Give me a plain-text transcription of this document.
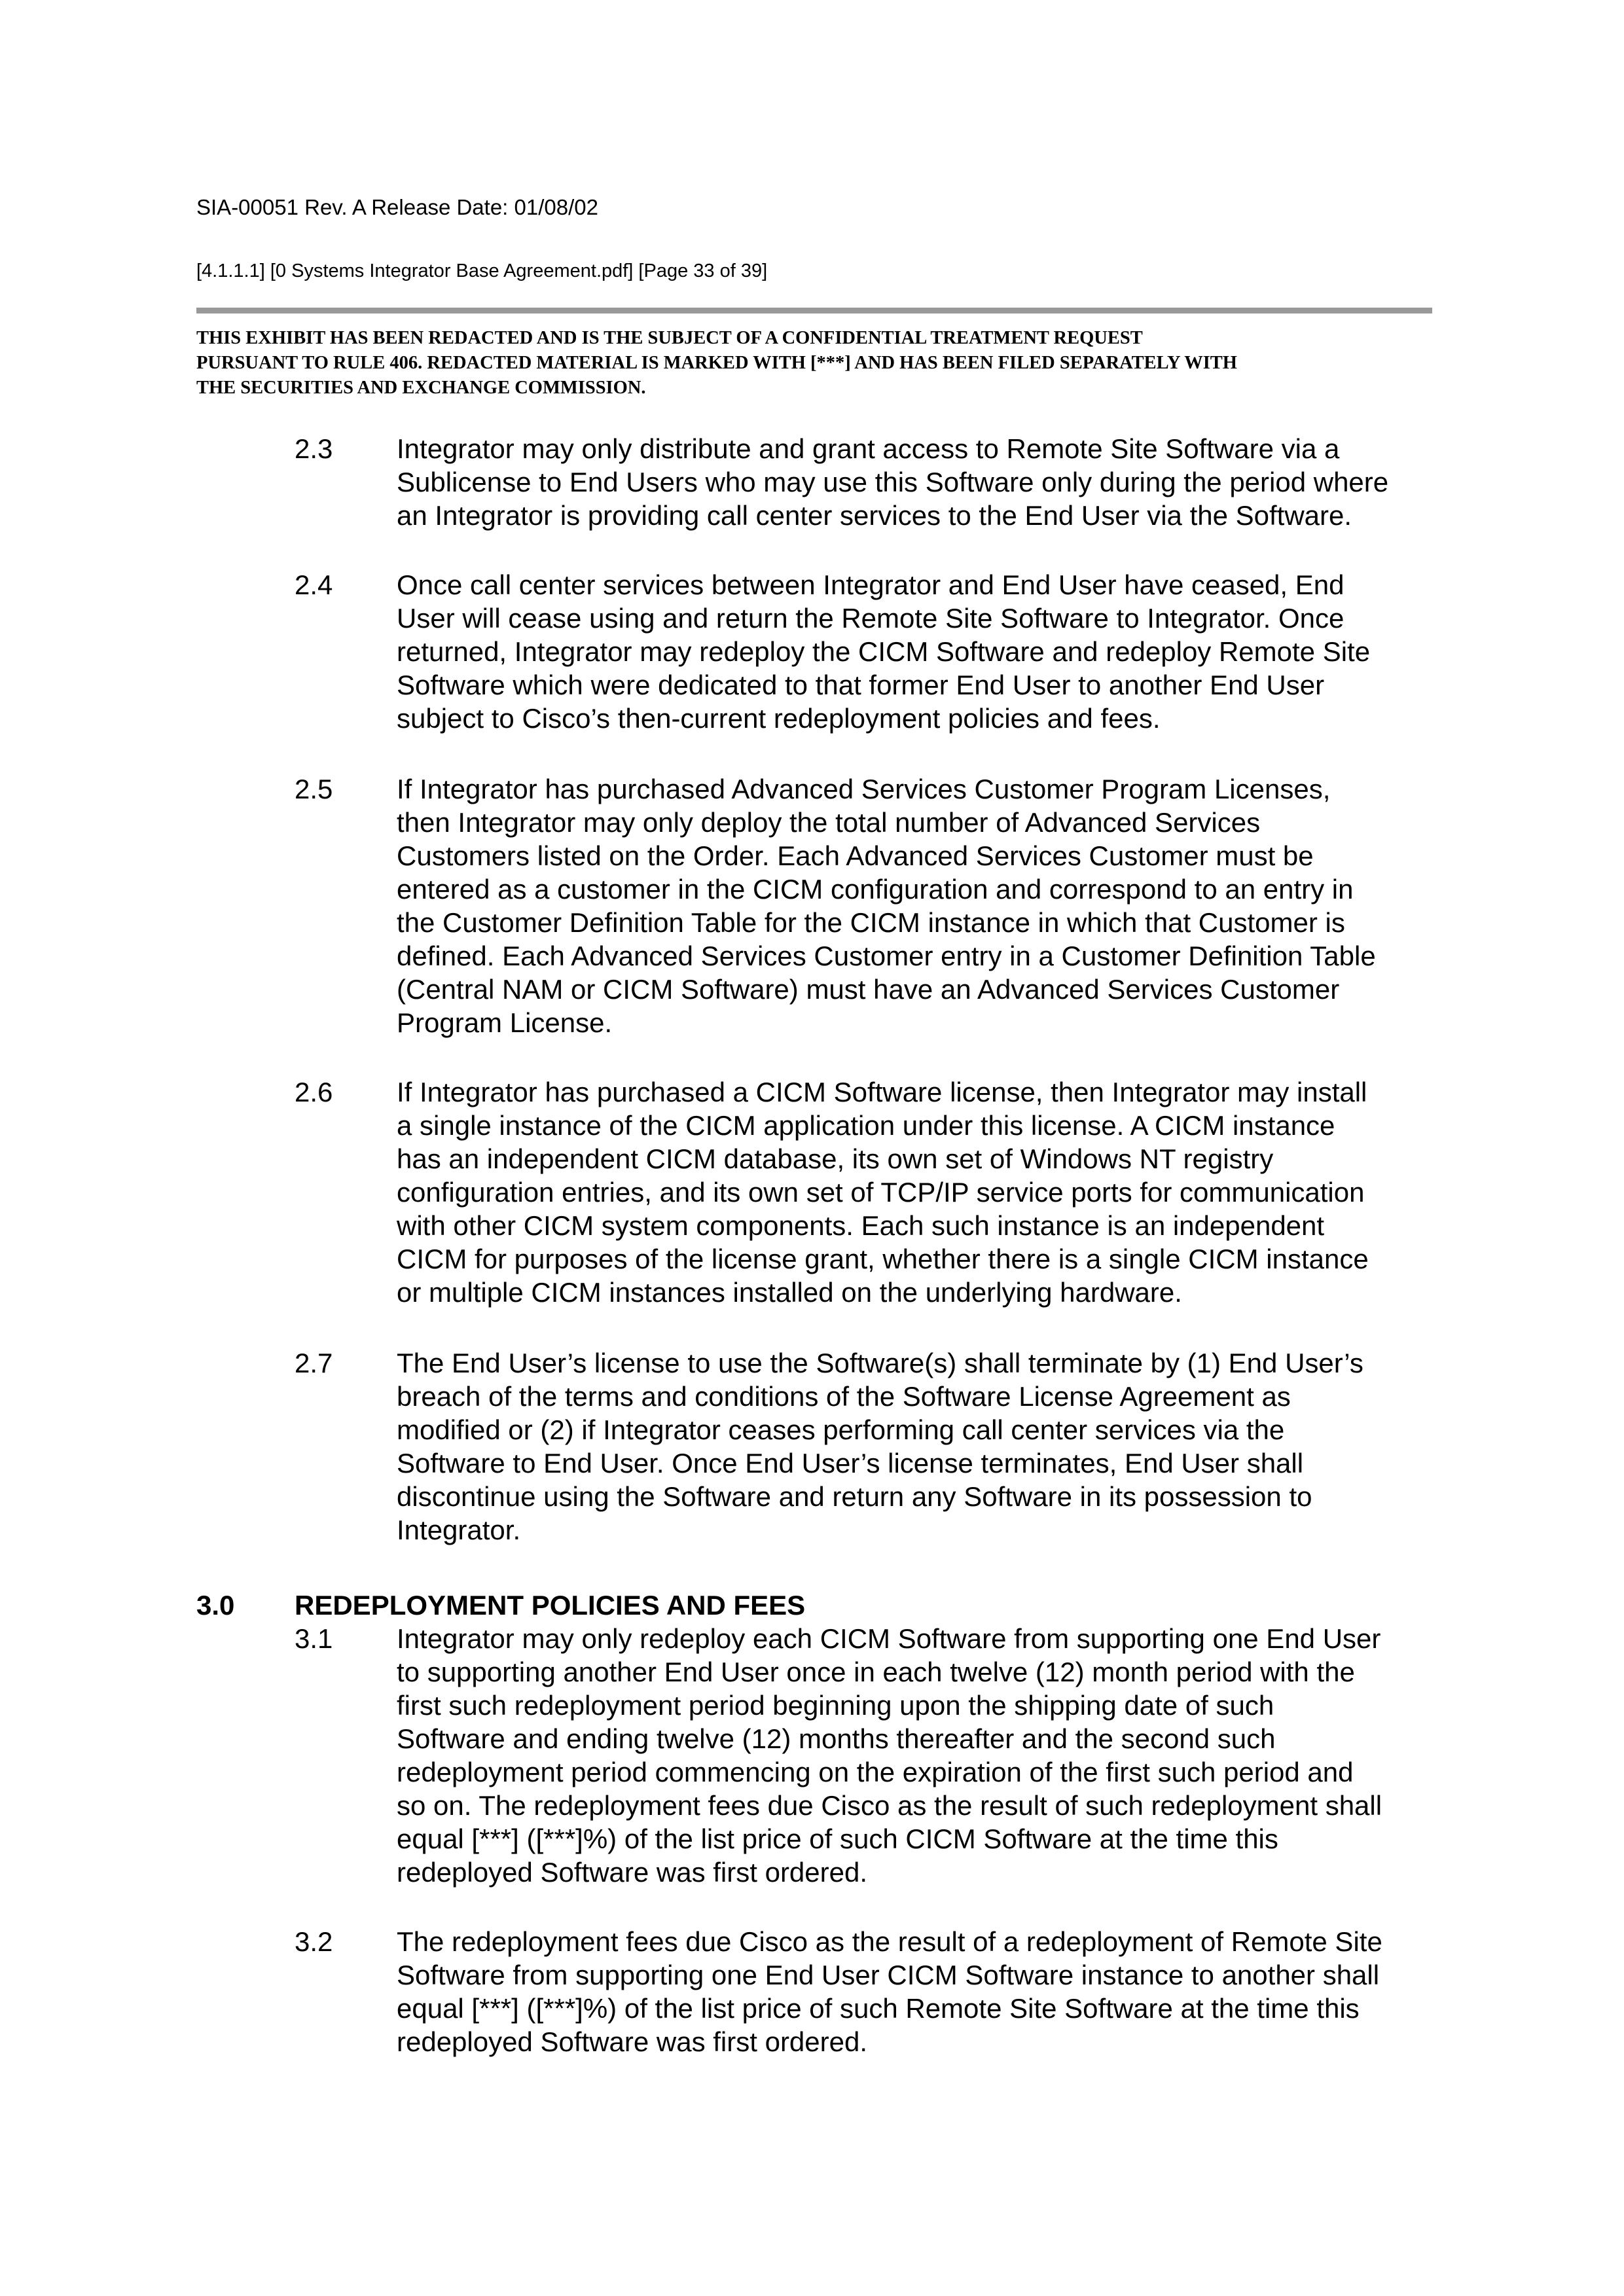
SIA-00051 Rev. A Release Date: 01/08/02
[4.1.1.1] [0 Systems Integrator Base Agreement.pdf] [Page 33 of 39]
THIS EXHIBIT HAS BEEN REDACTED AND IS THE SUBJECT OF A CONFIDENTIAL TREATMENT REQUEST
PURSUANT TO RULE 406. REDACTED MATERIAL IS MARKED WITH [***] AND HAS BEEN FILED SEPARATELY WITH
THE SECURITIES AND EXCHANGE COMMISSION.
2.3 Integrator may only distribute and grant access to Remote Site Software via a
Sublicense to End Users who may use this Software only during the period where
an Integrator is providing call center services to the End User via the Software.
2.4 Once call center services between Integrator and End User have ceased, End
User will cease using and return the Remote Site Software to Integrator. Once
returned, Integrator may redeploy the CICM Software and redeploy Remote Site
Software which were dedicated to that former End User to another End User
subject to Cisco’s then-current redeployment policies and fees.
2.5 If Integrator has purchased Advanced Services Customer Program Licenses,
then Integrator may only deploy the total number of Advanced Services
Customers listed on the Order. Each Advanced Services Customer must be
entered as a customer in the CICM configuration and correspond to an entry in
the Customer Definition Table for the CICM instance in which that Customer is
defined. Each Advanced Services Customer entry in a Customer Definition Table
(Central NAM or CICM Software) must have an Advanced Services Customer
Program License.
2.6 If Integrator has purchased a CICM Software license, then Integrator may install
a single instance of the CICM application under this license. A CICM instance
has an independent CICM database, its own set of Windows NT registry
configuration entries, and its own set of TCP/IP service ports for communication
with other CICM system components. Each such instance is an independent
CICM for purposes of the license grant, whether there is a single CICM instance
or multiple CICM instances installed on the underlying hardware.
2.7 The End User’s license to use the Software(s) shall terminate by (1) End User’s
breach of the terms and conditions of the Software License Agreement as
modified or (2) if Integrator ceases performing call center services via the
Software to End User. Once End User’s license terminates, End User shall
discontinue using the Software and return any Software in its possession to
Integrator.
3.0 REDEPLOYMENT POLICIES AND FEES
3.1 Integrator may only redeploy each CICM Software from supporting one End User
to supporting another End User once in each twelve (12) month period with the
first such redeployment period beginning upon the shipping date of such
Software and ending twelve (12) months thereafter and the second such
redeployment period commencing on the expiration of the first such period and
so on. The redeployment fees due Cisco as the result of such redeployment shall
equal [***] ([***]%) of the list price of such CICM Software at the time this
redeployed Software was first ordered.
3.2 The redeployment fees due Cisco as the result of a redeployment of Remote Site
Software from supporting one End User CICM Software instance to another shall
equal [***] ([***]%) of the list price of such Remote Site Software at the time this
redeployed Software was first ordered.
